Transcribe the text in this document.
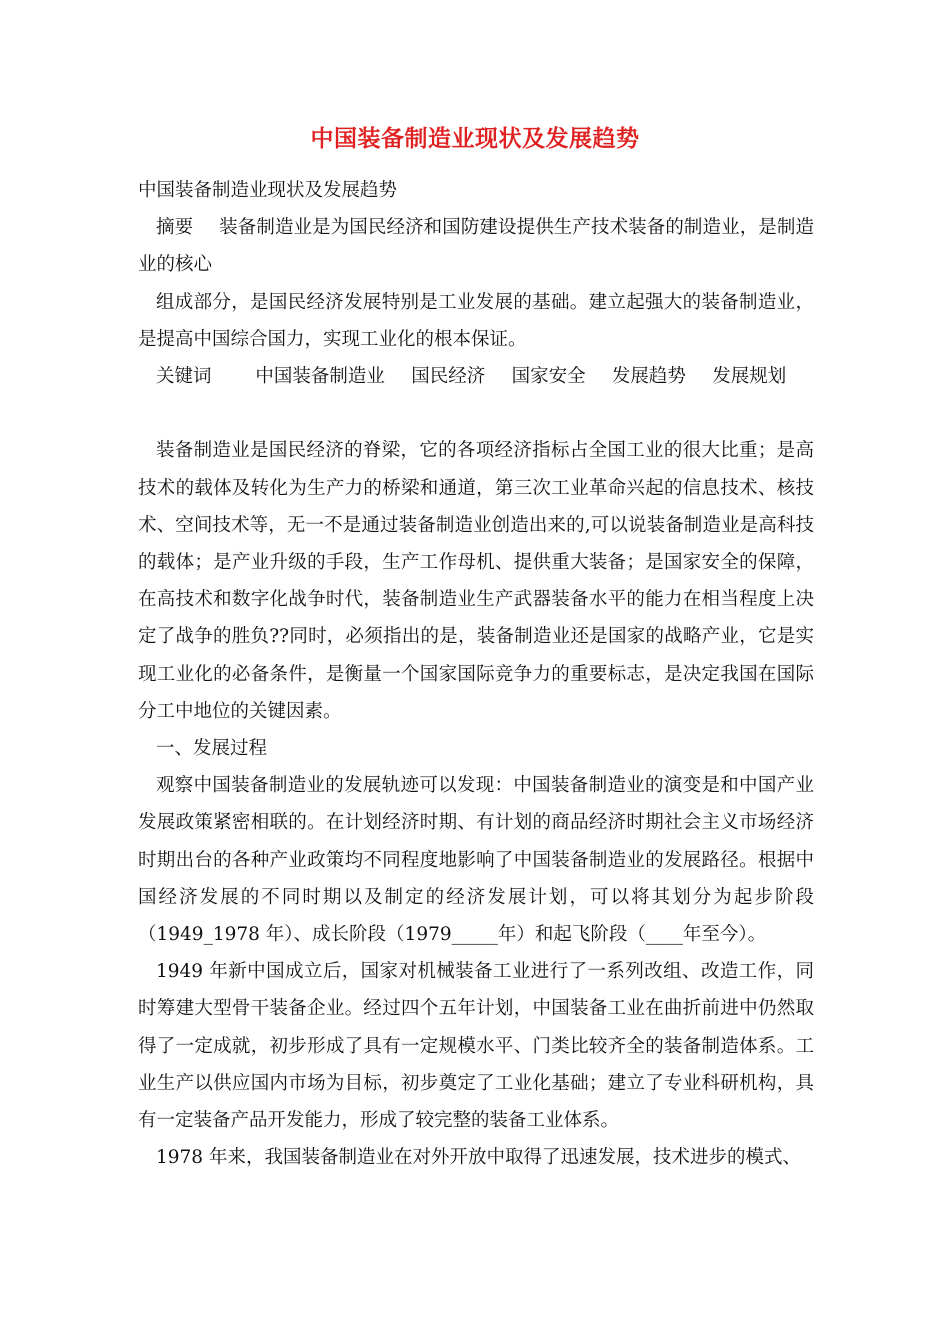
中国装备制造业现状及发展趋势

中国装备制造业现状及发展趋势

摘要 装备制造业是为国民经济和国防建设提供生产技术装备的制造业，是制造业的核心

组成部分，是国民经济发展特别是工业发展的基础。建立起强大的装备制造业，是提高中国综合国力，实现工业化的根本保证。

关键词 中国装备制造业 国民经济 国家安全 发展趋势 发展规划

装备制造业是国民经济的脊梁，它的各项经济指标占全国工业的很大比重；是高技术的载体及转化为生产力的桥梁和通道，第三次工业革命兴起的信息技术、核技术、空间技术等，无一不是通过装备制造业创造出来的,可以说装备制造业是高科技的载体；是产业升级的手段，生产工作母机、提供重大装备；是国家安全的保障，在高技术和数字化战争时代，装备制造业生产武器装备水平的能力在相当程度上决定了战争的胜负??同时，必须指出的是，装备制造业还是国家的战略产业，它是实现工业化的必备条件，是衡量一个国家国际竞争力的重要标志，是决定我国在国际分工中地位的关键因素。

一、发展过程

观察中国装备制造业的发展轨迹可以发现：中国装备制造业的演变是和中国产业发展政策紧密相联的。在计划经济时期、有计划的商品经济时期社会主义市场经济时期出台的各种产业政策均不同程度地影响了中国装备制造业的发展路径。根据中国经济发展的不同时期以及制定的经济发展计划，可以将其划分为起步阶段（1949_1978 年）、成长阶段（1979_____年）和起飞阶段（____年至今）。

1949 年新中国成立后，国家对机械装备工业进行了一系列改组、改造工作，同时筹建大型骨干装备企业。经过四个五年计划，中国装备工业在曲折前进中仍然取得了一定成就，初步形成了具有一定规模水平、门类比较齐全的装备制造体系。工业生产以供应国内市场为目标，初步奠定了工业化基础；建立了专业科研机构，具有一定装备产品开发能力，形成了较完整的装备工业体系。

1978 年来，我国装备制造业在对外开放中取得了迅速发展，技术进步的模式、
